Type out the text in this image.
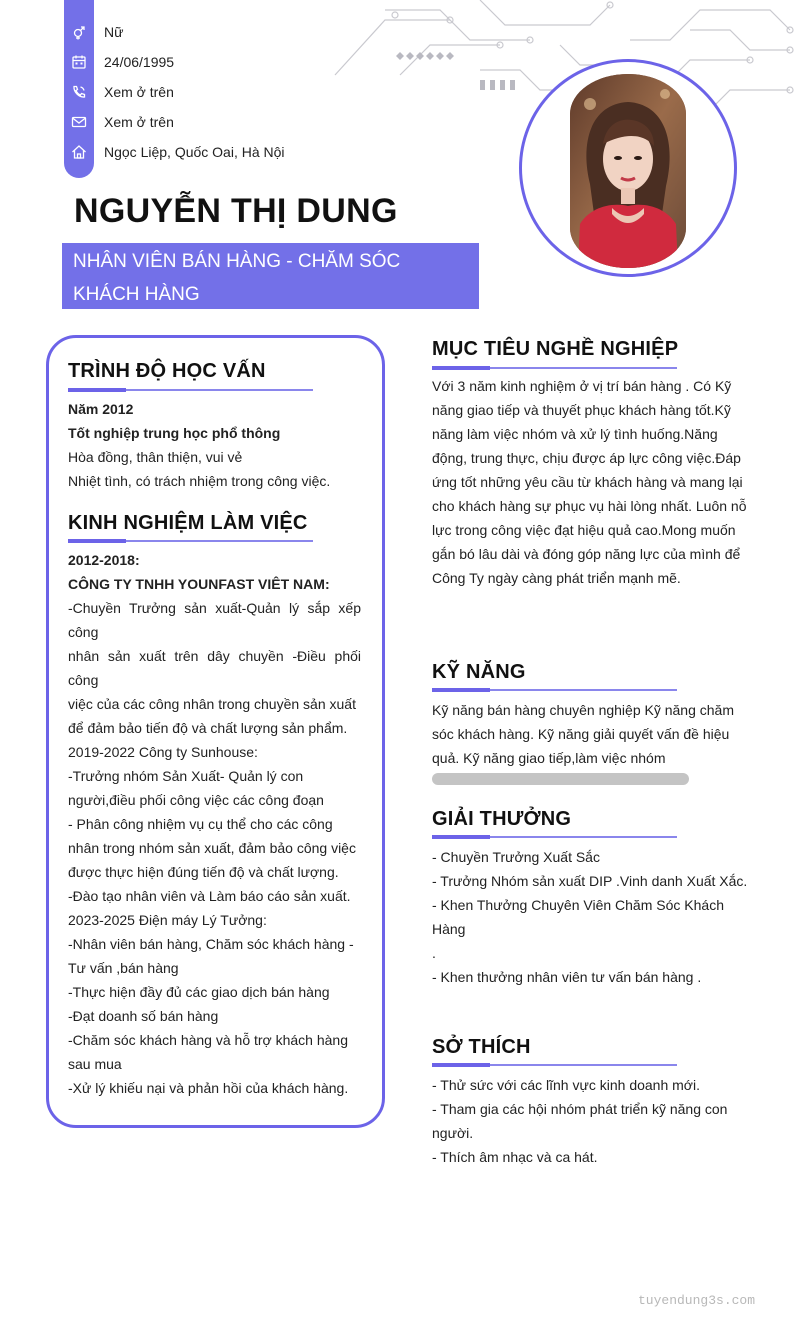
Nữ
24/06/1995
Xem ở trên
Xem ở trên
Ngọc Liệp, Quốc Oai, Hà Nội
NGUYỄN THỊ DUNG
NHÂN VIÊN BÁN HÀNG - CHĂM SÓC
KHÁCH HÀNG
TRÌNH ĐỘ HỌC VẤN
Năm 2012
Tốt nghiệp trung học phổ thông
Hòa đồng, thân thiện, vui vẻ
Nhiệt tình, có trách nhiệm trong công việc.
KINH NGHIỆM LÀM VIỆC
2012-2018:
CÔNG TY TNHH YOUNFAST VIÊT NAM:
-Chuyền Trưởng sản xuất-Quản lý sắp xếp công
nhân sản xuất trên dây chuyền -Điều phối công
việc của các công nhân trong chuyền sản xuất
để đảm bảo tiến độ và chất lượng sản phẩm.
2019-2022 Công ty Sunhouse:
-Trưởng nhóm Sản Xuất- Quản lý con
người,điều phối công việc các công đoạn
- Phân công nhiệm vụ cụ thể cho các công
nhân trong nhóm sản xuất, đảm bảo công việc
được thực hiện đúng tiến độ và chất lượng.
-Đào tạo nhân viên và Làm báo cáo sản xuất.
2023-2025 Điện máy Lý Tưởng:
-Nhân viên bán hàng, Chăm sóc khách hàng -
Tư vấn ,bán hàng
-Thực hiện đầy đủ các giao dịch bán hàng
-Đạt doanh số bán hàng
-Chăm sóc khách hàng và hỗ trợ khách hàng
sau mua
-Xử lý khiếu nại và phản hồi của khách hàng.
MỤC TIÊU NGHỀ NGHIỆP
Với 3 năm kinh nghiệm ở vị trí bán hàng . Có Kỹ
năng giao tiếp và thuyết phục khách hàng tốt.Kỹ
năng làm việc nhóm và xử lý tình huống.Năng
động, trung thực, chịu được áp lực công việc.Đáp
ứng tốt những yêu cầu từ khách hàng và mang lại
cho khách hàng sự phục vụ hài lòng nhất. Luôn nỗ
lực trong công việc đạt hiệu quả cao.Mong muốn
gắn bó lâu dài và đóng góp năng lực của mình để
Công Ty ngày càng phát triển mạnh mẽ.
KỸ NĂNG
Kỹ năng bán hàng chuyên nghiệp Kỹ năng chăm
sóc khách hàng. Kỹ năng giải quyết vấn đề hiệu
quả. Kỹ năng giao tiếp,làm việc nhóm
GIẢI THƯỞNG
- Chuyền Trưởng Xuất Sắc
- Trưởng Nhóm sản xuất DIP .Vinh danh Xuất Xắc.
- Khen Thưởng Chuyên Viên Chăm Sóc Khách Hàng
.
- Khen thưởng nhân viên tư vấn bán hàng .
SỞ THÍCH
- Thử sức với các lĩnh vực kinh doanh mới.
- Tham gia các hội nhóm phát triển kỹ năng con
người.
- Thích âm nhạc và ca hát.
tuyendung3s.com
